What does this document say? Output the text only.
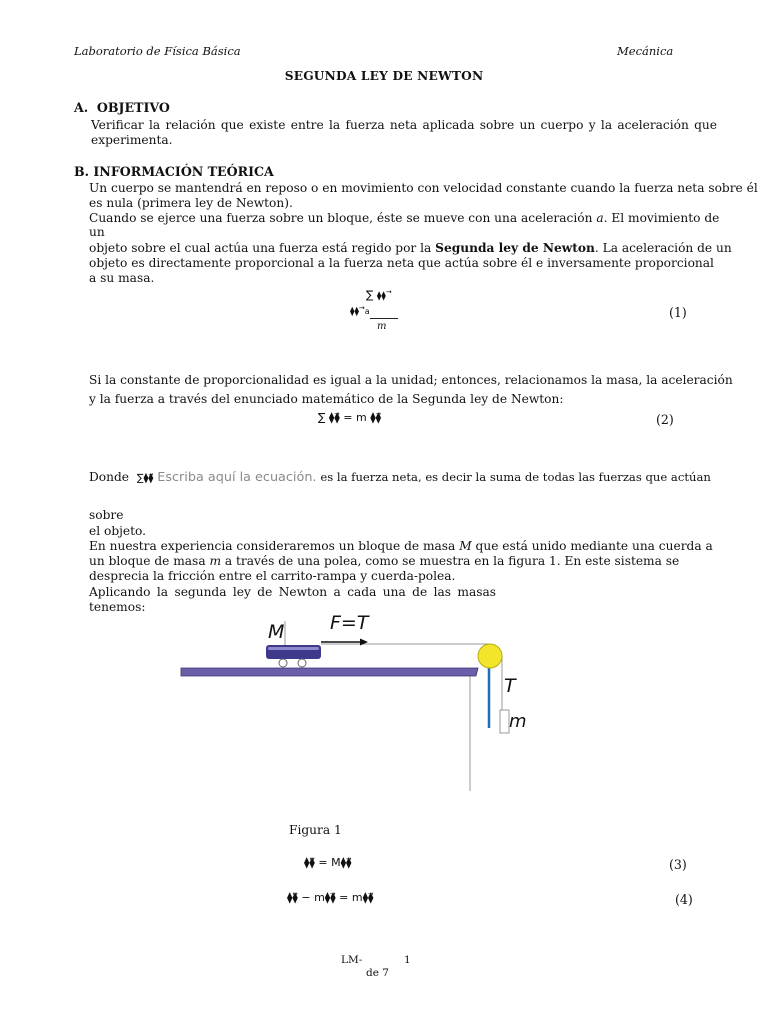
Laboratorio de Física Básica	Mecánica
SEGUNDA LEY DE NEWTON
A.  OBJETIVO
Verificar la relación que existe entre la fuerza neta aplicada sobre un cuerpo y la aceleración que
experimenta.
B. INFORMACIÓN TEÓRICA
Un cuerpo se mantendrá en reposo o en movimiento con velocidad constante cuando la fuerza neta sobre él
es nula (primera ley de Newton).
Cuando se ejerce una fuerza sobre un bloque, éste se mueve con una aceleración a. El movimiento de
un
objeto sobre el cual actúa una fuerza está regido por la Segunda ley de Newton. La aceleración de un
objeto es directamente proporcional a la fuerza neta que actúa sobre él e inversamente proporcional
a su masa.
∑ ⧫⧫→
⧫⧫→a
m
(1)
Si la constante de proporcionalidad es igual a la unidad; entonces, relacionamos la masa, la aceleración
y la fuerza a través del enunciado matemático de la Segunda ley de Newton:
∑ ⧫⧫⃗ = m ⧫⧫⃗	(2)
Donde ∑⧫⧫⃗ Escriba aquí la ecuación. es la fuerza neta, es decir la suma de todas las fuerzas que actúan
sobre
el objeto.
En nuestra experiencia consideraremos un bloque de masa M que está unido mediante una cuerda a
un bloque de masa m a través de una polea, como se muestra en la figura 1. En este sistema se
desprecia la fricción entre el carrito-rampa y cuerda-polea.
Aplicando la segunda ley de Newton a cada una de las masas
tenemos:
M F=T
T
m
Figura 1
⧫⧫⃡ = M⧫⧫⃗	(3)
⧫⧫⃡ − m⧫⧫⃗ = m⧫⧫⃗	(4)
LM-	1
de 7
